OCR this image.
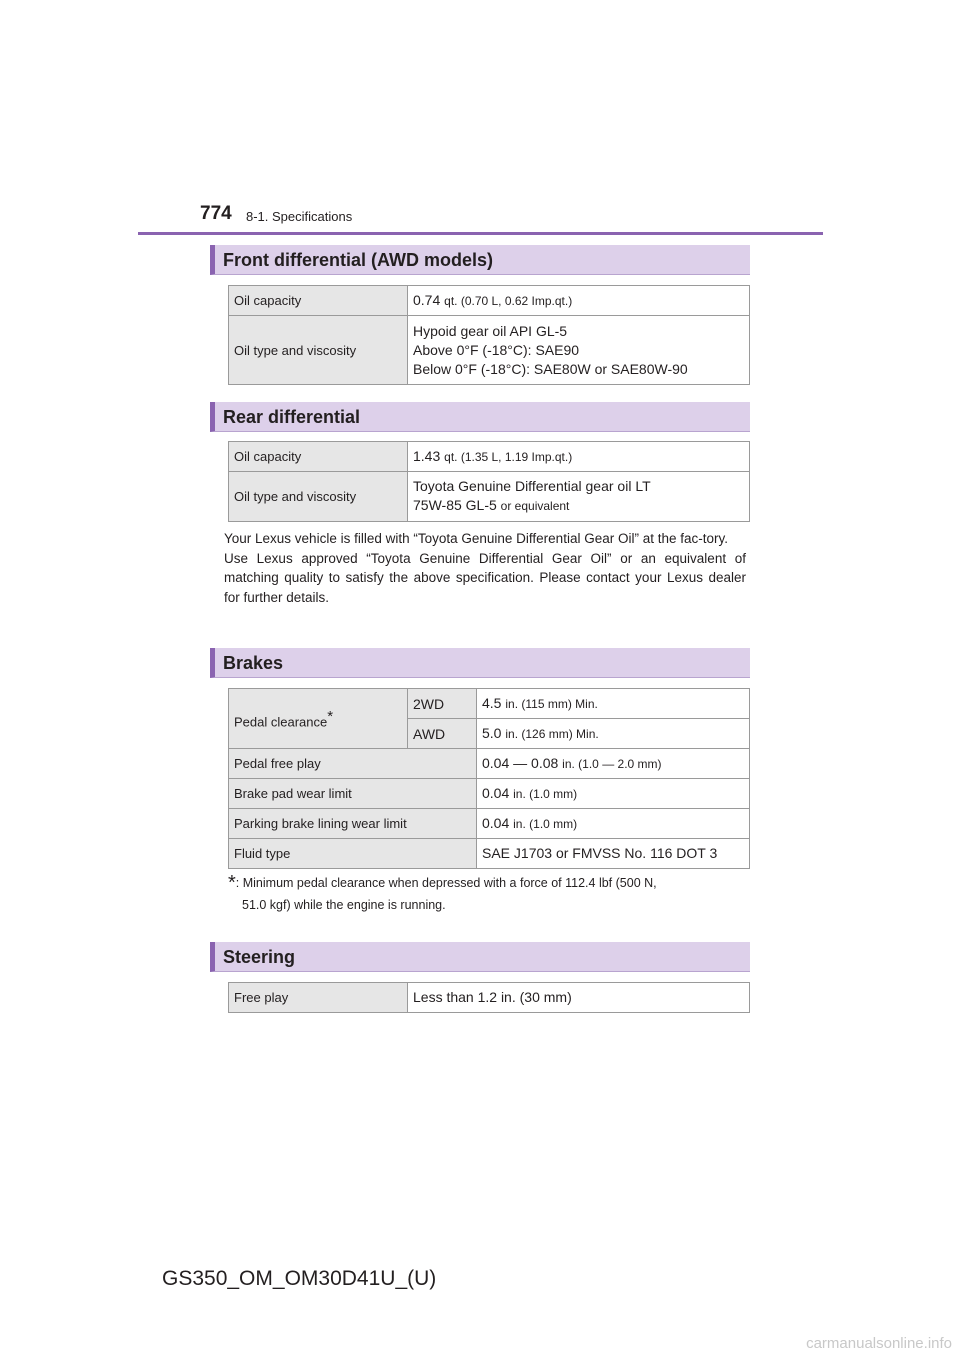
774 8-1. Specifications
Front differential (AWD models)
Oil capacity	0.74 qt. (0.70 L, 0.62 Imp.qt.)
Oil type and viscosity	Hypoid gear oil API GL-5
Above 0°F (-18°C): SAE90
Below 0°F (-18°C): SAE80W or SAE80W-90
Rear differential
Oil capacity	1.43 qt. (1.35 L, 1.19 Imp.qt.)
Oil type and viscosity	Toyota Genuine Differential gear oil LT
75W-85 GL-5 or equivalent
Your Lexus vehicle is filled with “Toyota Genuine Differential Gear Oil” at the fac-tory.
Use Lexus approved “Toyota Genuine Differential Gear Oil” or an equivalent of matching quality to satisfy the above specification. Please contact your Lexus dealer for further details.
Brakes
Pedal clearance*	2WD	4.5 in. (115 mm) Min.
	AWD	5.0 in. (126 mm) Min.
Pedal free play		0.04 — 0.08 in. (1.0 — 2.0 mm)
Brake pad wear limit		0.04 in. (1.0 mm)
Parking brake lining wear limit		0.04 in. (1.0 mm)
Fluid type		SAE J1703 or FMVSS No. 116 DOT 3
*: Minimum pedal clearance when depressed with a force of 112.4 lbf (500 N,
51.0 kgf) while the engine is running.
Steering
Free play	Less than 1.2 in. (30 mm)
GS350_OM_OM30D41U_(U)
carmanualsonline.info
